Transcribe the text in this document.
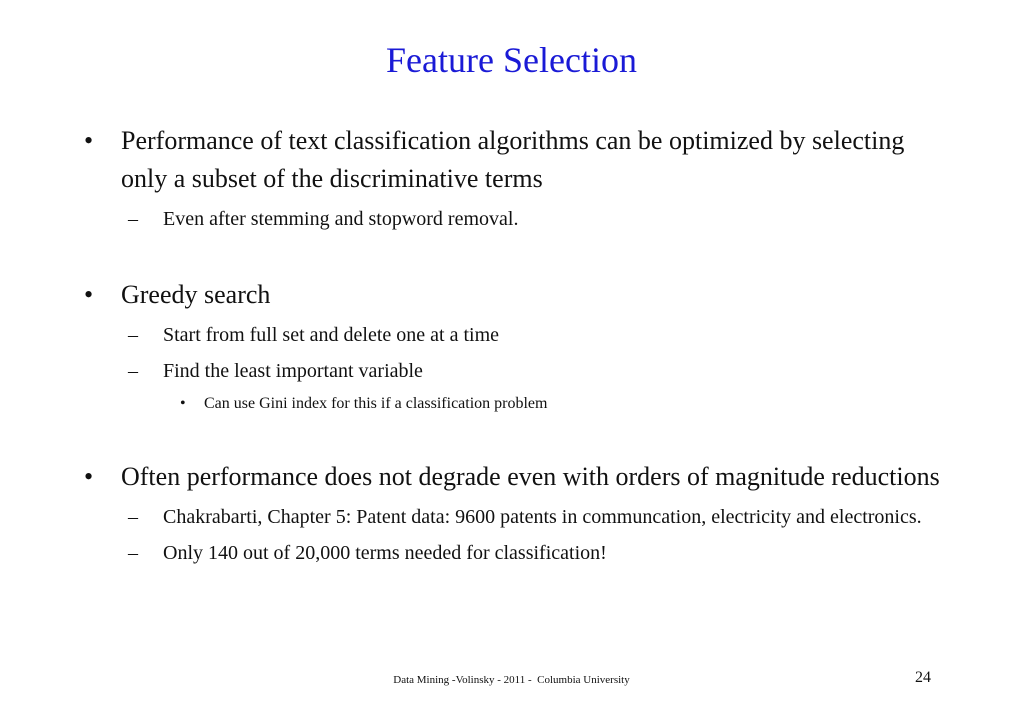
Feature Selection
• Performance of text classification algorithms can be optimized by selecting only a subset of the discriminative terms
– Even after stemming and stopword removal.
• Greedy search
– Start from full set and delete one at a time
– Find the least important variable
• Can use Gini index for this if a classification problem
• Often performance does not degrade even with orders of magnitude reductions
– Chakrabarti, Chapter 5: Patent data: 9600 patents in communcation, electricity and electronics.
– Only 140 out of 20,000 terms needed for classification!
Data Mining -Volinsky - 2011 -  Columbia University	24
